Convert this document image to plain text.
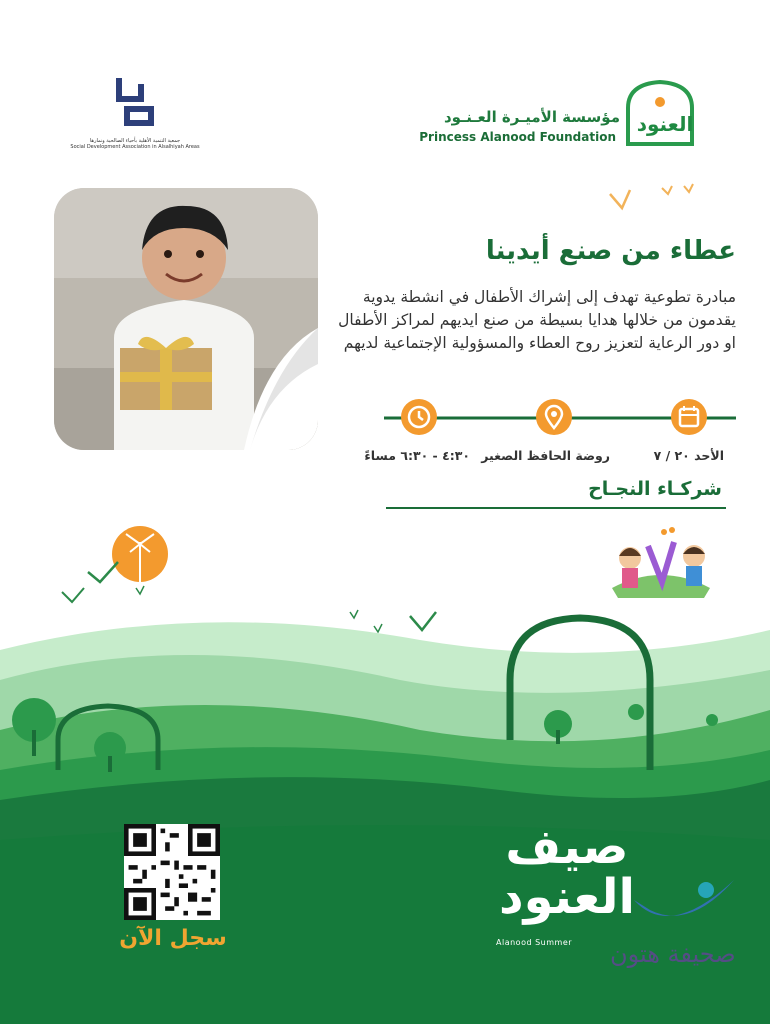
جمعية التنمية الأهلية بأحياء الصالحية ونمارها
Social Development Association in Alsalhiyah Areas
العنود
مؤسسة الأميـرة العـنـود
Princess Alanood Foundation
عطاء من صنع أيدينا
مبادرة تطوعية تهدف إلى إشراك الأطفال في انشطة يدوية يقدمون من خلالها هدايا بسيطة من صنع ايديهم لمراكز الأطفال او دور الرعاية لتعزيز روح العطاء والمسؤولية الإجتماعية لديهم
الأحد ٢٠ / ٧
روضة الحافظ الصغير
٤:٣٠ - ٦:٣٠ مساءً
شركـاء النجـاح
سجل الآن
صيف العنود
Alanood Summer صحيفة هتون
